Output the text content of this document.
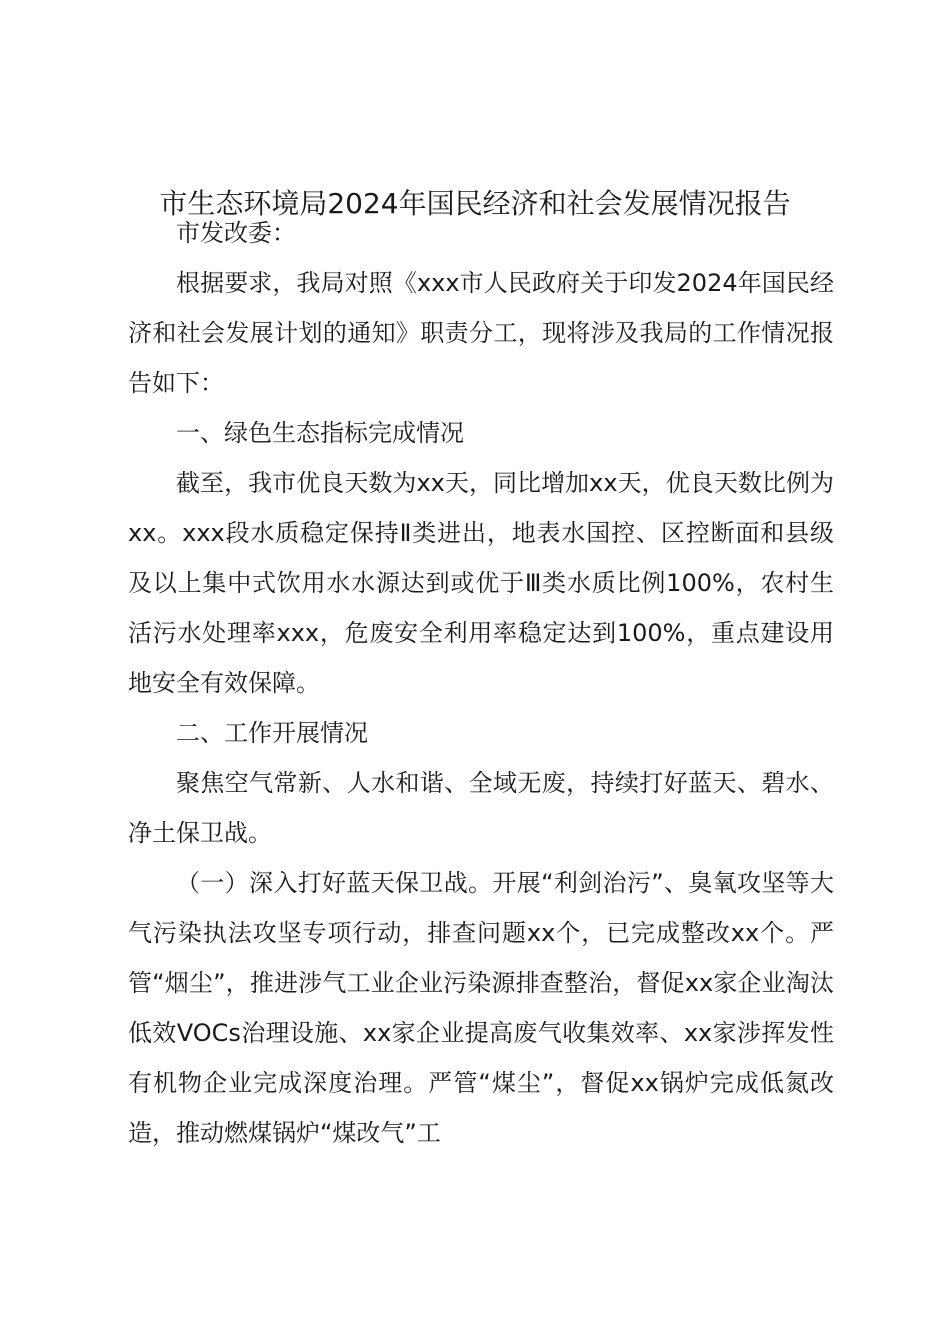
市生态环境局2024年国民经济和社会发展情况报告

市发改委：

根据要求，我局对照《xxx市人民政府关于印发2024年国民经济和社会发展计划的通知》职责分工，现将涉及我局的工作情况报告如下：

一、绿色生态指标完成情况

截至，我市优良天数为xx天，同比增加xx天，优良天数比例为xx。xxx段水质稳定保持Ⅱ类进出，地表水国控、区控断面和县级及以上集中式饮用水水源达到或优于Ⅲ类水质比例100%，农村生活污水处理率xxx，危废安全利用率稳定达到100%，重点建设用地安全有效保障。

二、工作开展情况

聚焦空气常新、人水和谐、全域无废，持续打好蓝天、碧水、净土保卫战。

（一）深入打好蓝天保卫战。开展“利剑治污”、臭氧攻坚等大气污染执法攻坚专项行动，排查问题xx个，已完成整改xx个。严管“烟尘”，推进涉气工业企业污染源排查整治，督促xx家企业淘汰低效VOCs治理设施、xx家企业提高废气收集效率、xx家涉挥发性有机物企业完成深度治理。严管“煤尘”，督促xx锅炉完成低氮改造，推动燃煤锅炉“煤改气”工
